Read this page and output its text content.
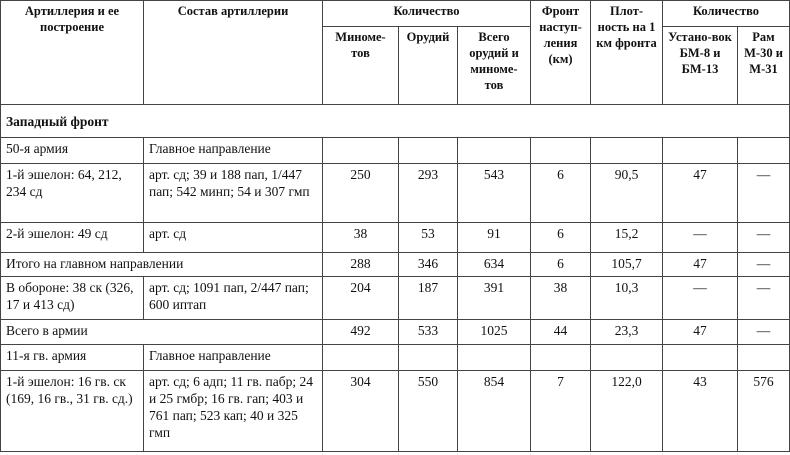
Артиллерия и ее построение	Состав артиллерии	Количество			Фронт наступ-ления (км)	Плот-ность на 1 км фронта	Количество	
		Миноме-тов	Орудий	Всего орудий и миноме-тов			Устано-вок БМ-8 и БМ-13	Рам М-30 и М-31
Западный фронт								
50-я армия	Главное направление							
1-й эшелон: 64, 212, 234 сд	арт. сд; 39 и 188 пап, 1/447 пап; 542 минп; 54 и 307 гмп	250	293	543	6	90,5	47	—
2-й эшелон: 49 сд	арт. сд	38	53	91	6	15,2	—	—
Итого на главном направлении		288	346	634	6	105,7	47	—
В обороне: 38 ск (326, 17 и 413 сд)	арт. сд; 1091 пап, 2/447 пап; 600 иптап	204	187	391	38	10,3	—	—
Всего в армии		492	533	1025	44	23,3	47	—
11-я гв. армия	Главное направление							
1-й эшелон: 16 гв. ск (169, 16 гв., 31 гв. сд.)	арт. сд; 6 адп; 11 гв. пабр; 24 и 25 гмбр; 16 гв. гап; 403 и 761 пап; 523 кап; 40 и 325 гмп	304	550	854	7	122,0	43	576
